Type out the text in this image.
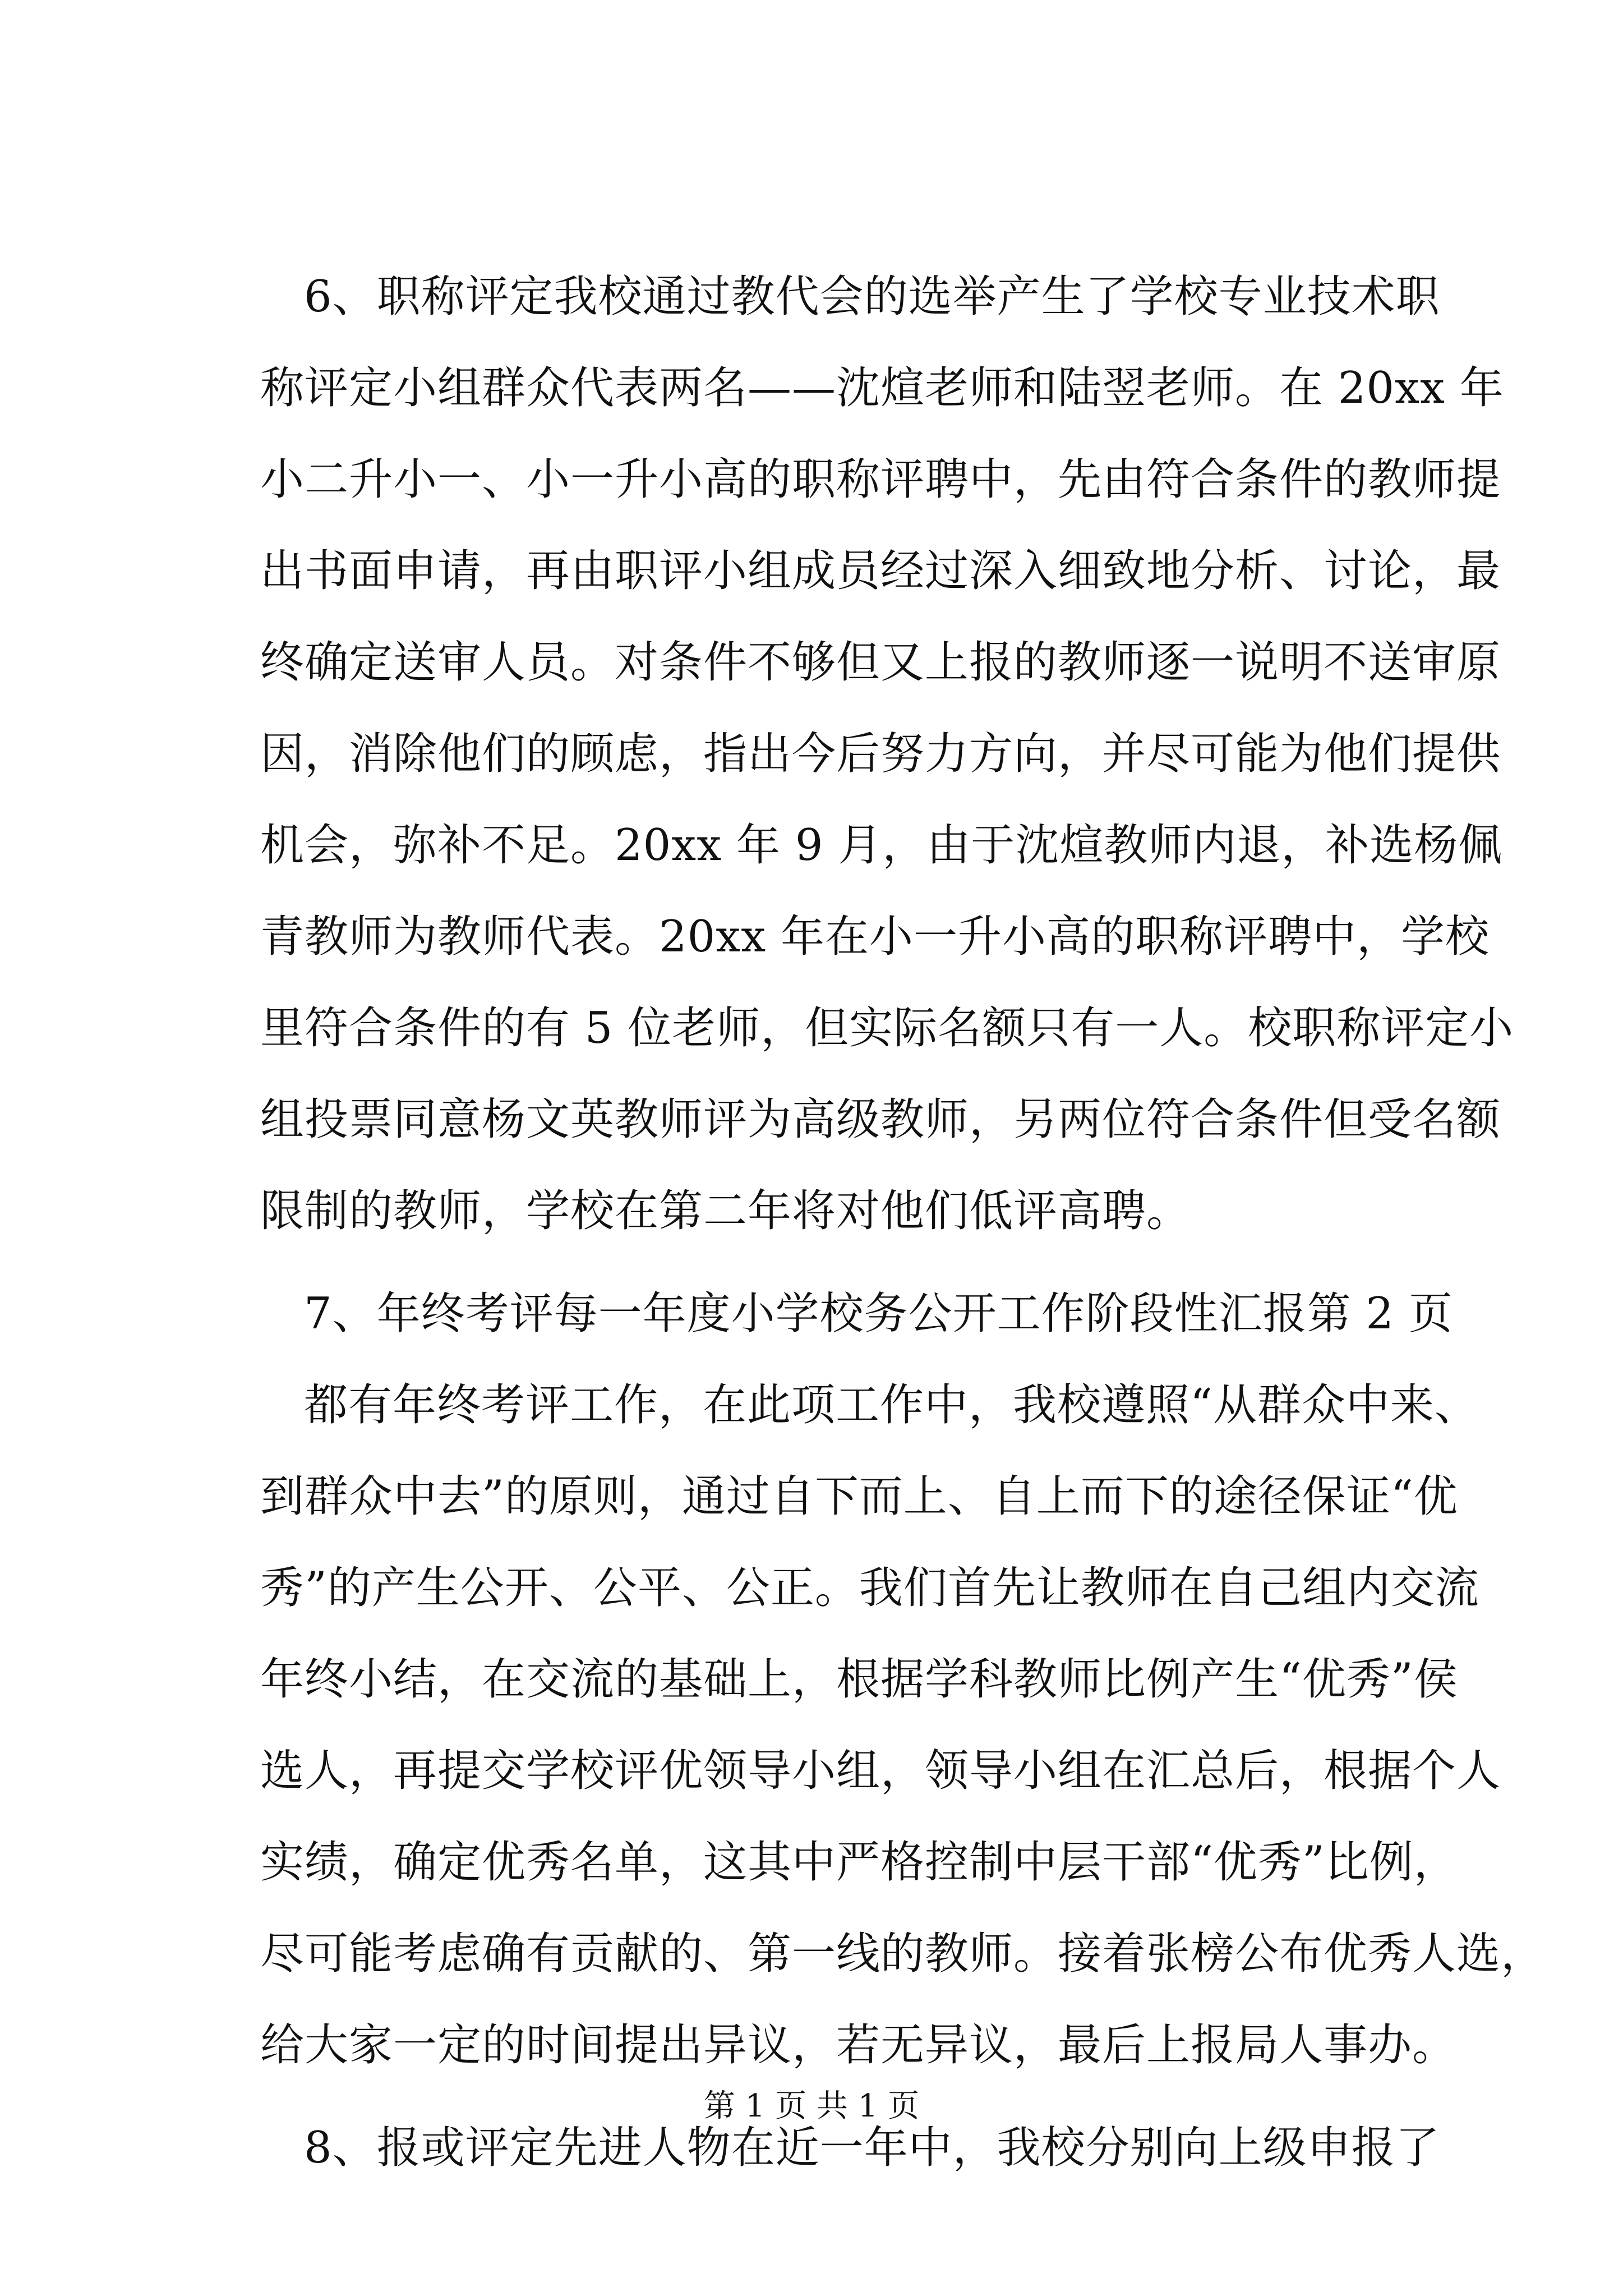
6、职称评定我校通过教代会的选举产生了学校专业技术职
称评定小组群众代表两名——沈煊老师和陆翌老师。在 20xx 年
小二升小一、小一升小高的职称评聘中，先由符合条件的教师提
出书面申请，再由职评小组成员经过深入细致地分析、讨论，最
终确定送审人员。对条件不够但又上报的教师逐一说明不送审原
因，消除他们的顾虑，指出今后努力方向，并尽可能为他们提供
机会，弥补不足。20xx 年 9 月，由于沈煊教师内退，补选杨佩
青教师为教师代表。20xx 年在小一升小高的职称评聘中，学校
里符合条件的有 5 位老师，但实际名额只有一人。校职称评定小
组投票同意杨文英教师评为高级教师，另两位符合条件但受名额
限制的教师，学校在第二年将对他们低评高聘。
7、年终考评每一年度小学校务公开工作阶段性汇报第 2 页
都有年终考评工作，在此项工作中，我校遵照“从群众中来、
到群众中去”的原则，通过自下而上、自上而下的途径保证“优
秀”的产生公开、公平、公正。我们首先让教师在自己组内交流
年终小结，在交流的基础上，根据学科教师比例产生“优秀”侯
选人，再提交学校评优领导小组，领导小组在汇总后，根据个人
实绩，确定优秀名单，这其中严格控制中层干部“优秀”比例，
尽可能考虑确有贡献的、第一线的教师。接着张榜公布优秀人选，
给大家一定的时间提出异议，若无异议，最后上报局人事办。
8、报或评定先进人物在近一年中，我校分别向上级申报了
第 1 页 共 1 页
